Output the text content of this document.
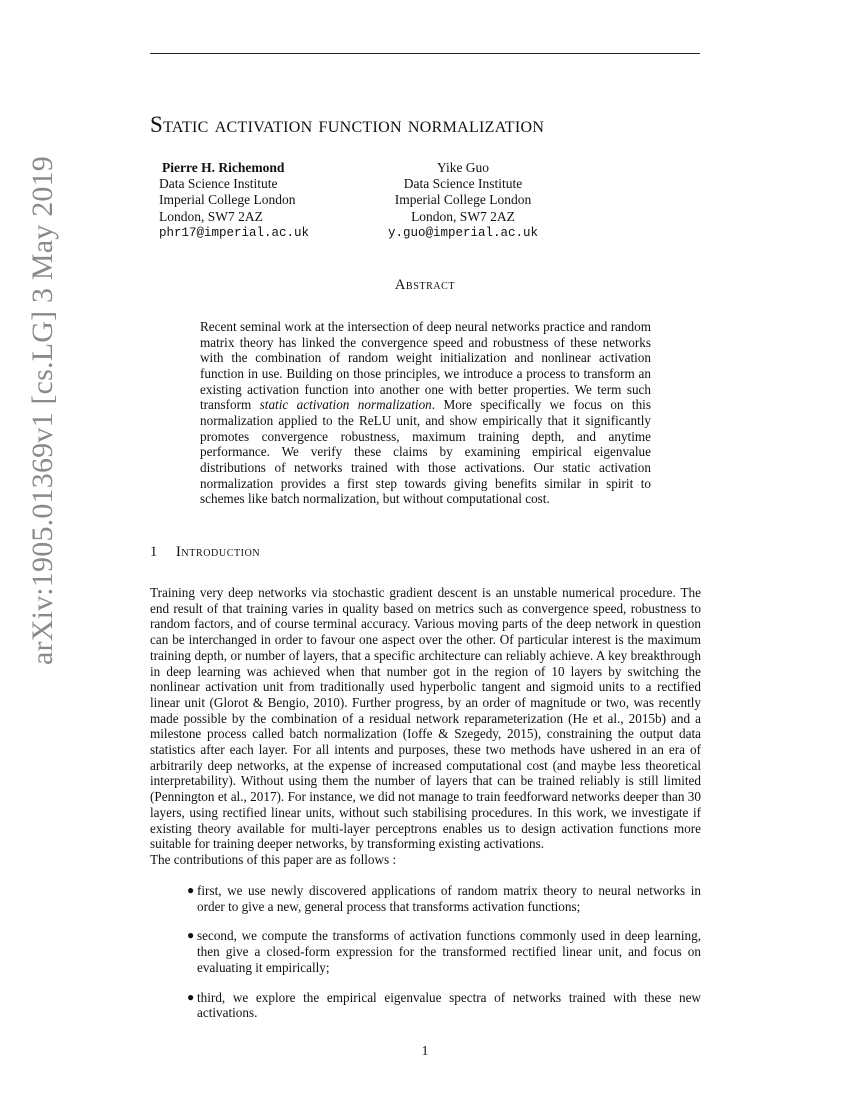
arXiv:1905.01369v1 [cs.LG] 3 May 2019
Static activation function normalization
Pierre H. Richemond
Data Science Institute
Imperial College London
London, SW7 2AZ
phr17@imperial.ac.uk
Yike Guo
Data Science Institute
Imperial College London
London, SW7 2AZ
y.guo@imperial.ac.uk
Abstract
Recent seminal work at the intersection of deep neural networks practice and random matrix theory has linked the convergence speed and robustness of these networks with the combination of random weight initialization and nonlinear activation function in use. Building on those principles, we introduce a process to transform an existing activation function into another one with better properties. We term such transform static activation normalization. More specifically we focus on this normalization applied to the ReLU unit, and show empirically that it significantly promotes convergence robustness, maximum training depth, and anytime performance. We verify these claims by examining empirical eigenvalue distributions of networks trained with those activations. Our static activation normalization provides a first step towards giving benefits similar in spirit to schemes like batch normalization, but without computational cost.
1 Introduction
Training very deep networks via stochastic gradient descent is an unstable numerical procedure. The end result of that training varies in quality based on metrics such as convergence speed, robustness to random factors, and of course terminal accuracy. Various moving parts of the deep network in question can be interchanged in order to favour one aspect over the other. Of particular interest is the maximum training depth, or number of layers, that a specific architecture can reliably achieve. A key breakthrough in deep learning was achieved when that number got in the region of 10 layers by switching the nonlinear activation unit from traditionally used hyperbolic tangent and sigmoid units to a rectified linear unit (Glorot & Bengio, 2010). Further progress, by an order of magnitude or two, was recently made possible by the combination of a residual network reparameterization (He et al., 2015b) and a milestone process called batch normalization (Ioffe & Szegedy, 2015), constraining the output data statistics after each layer. For all intents and purposes, these two methods have ushered in an era of arbitrarily deep networks, at the expense of increased computational cost (and maybe less theoretical interpretability). Without using them the number of layers that can be trained reliably is still limited (Pennington et al., 2017). For instance, we did not manage to train feedforward networks deeper than 30 layers, using rectified linear units, without such stabilising procedures. In this work, we investigate if existing theory available for multi-layer perceptrons enables us to design activation functions more suitable for training deeper networks, by transforming existing activations.
The contributions of this paper are as follows :
● first, we use newly discovered applications of random matrix theory to neural networks in order to give a new, general process that transforms activation functions;
● second, we compute the transforms of activation functions commonly used in deep learning, then give a closed-form expression for the transformed rectified linear unit, and focus on evaluating it empirically;
● third, we explore the empirical eigenvalue spectra of networks trained with these new activations.
1
